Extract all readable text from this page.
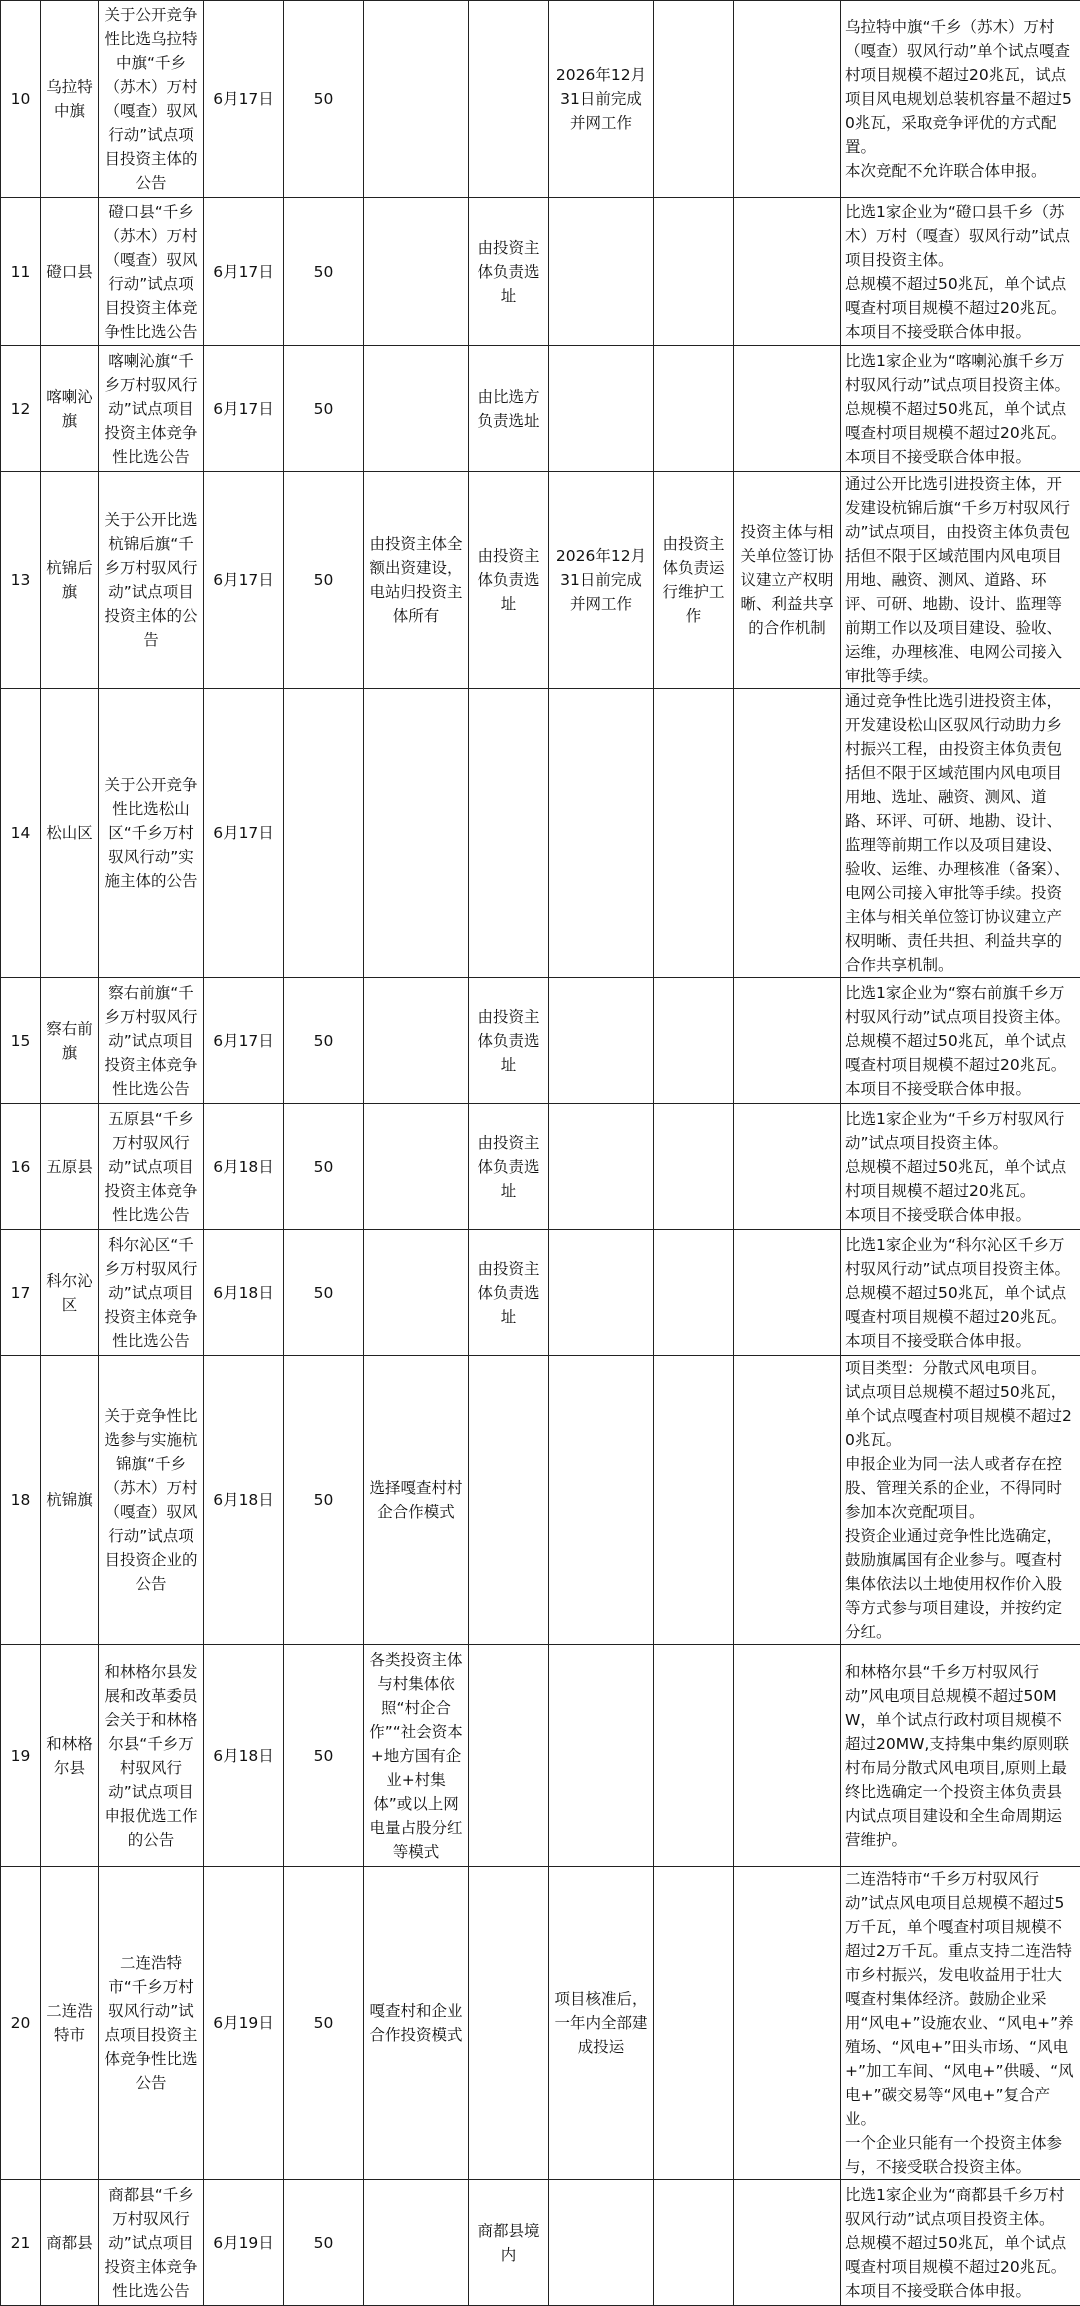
10	乌拉特中旗	关于公开竞争性比选乌拉特中旗“千乡（苏木）万村（嘎查）驭风行动”试点项目投资主体的公告	6月17日	50			2026年12月31日前完成并网工作			乌拉特中旗“千乡（苏木）万村（嘎查）驭风行动”单个试点嘎查村项目规模不超过20兆瓦，试点项目风电规划总装机容量不超过50兆瓦，采取竞争评优的方式配置。
本次竞配不允许联合体申报。

11	磴口县	磴口县“千乡（苏木）万村（嘎查）驭风行动”试点项目投资主体竞争性比选公告	6月17日	50		由投资主体负责选址				比选1家企业为“磴口县千乡（苏木）万村（嘎查）驭风行动”试点项目投资主体。
总规模不超过50兆瓦，单个试点嘎查村项目规模不超过20兆瓦。
本项目不接受联合体申报。

12	喀喇沁旗	喀喇沁旗“千乡万村驭风行动”试点项目投资主体竞争性比选公告	6月17日	50		由比选方负责选址				比选1家企业为“喀喇沁旗千乡万村驭风行动”试点项目投资主体。
总规模不超过50兆瓦，单个试点嘎查村项目规模不超过20兆瓦。
本项目不接受联合体申报。

13	杭锦后旗	关于公开比选杭锦后旗“千乡万村驭风行动”试点项目投资主体的公告	6月17日	50	由投资主体全额出资建设，电站归投资主体所有	由投资主体负责选址	2026年12月31日前完成并网工作	由投资主体负责运行维护工作	投资主体与相关单位签订协议建立产权明晰、利益共享的合作机制	通过公开比选引进投资主体，开发建设杭锦后旗“千乡万村驭风行动”试点项目，由投资主体负责包括但不限于区域范围内风电项目用地、融资、测风、道路、环评、可研、地勘、设计、监理等前期工作以及项目建设、验收、运维，办理核准、电网公司接入审批等手续。

14	松山区	关于公开竞争性比选松山区“千乡万村驭风行动”实施主体的公告	6月17日							通过竞争性比选引进投资主体，开发建设松山区驭风行动助力乡村振兴工程，由投资主体负责包括但不限于区域范围内风电项目用地、选址、融资、测风、道路、环评、可研、地勘、设计、监理等前期工作以及项目建设、验收、运维、办理核准（备案）、电网公司接入审批等手续。投资主体与相关单位签订协议建立产权明晰、责任共担、利益共享的合作共享机制。

15	察右前旗	察右前旗“千乡万村驭风行动”试点项目投资主体竞争性比选公告	6月17日	50		由投资主体负责选址				比选1家企业为“察右前旗千乡万村驭风行动”试点项目投资主体。
总规模不超过50兆瓦，单个试点嘎查村项目规模不超过20兆瓦。
本项目不接受联合体申报。

16	五原县	五原县“千乡万村驭风行动”试点项目投资主体竞争性比选公告	6月18日	50		由投资主体负责选址				比选1家企业为“千乡万村驭风行动”试点项目投资主体。
总规模不超过50兆瓦，单个试点村项目规模不超过20兆瓦。
本项目不接受联合体申报。

17	科尔沁区	科尔沁区“千乡万村驭风行动”试点项目投资主体竞争性比选公告	6月18日	50		由投资主体负责选址				比选1家企业为“科尔沁区千乡万村驭风行动”试点项目投资主体。
总规模不超过50兆瓦，单个试点嘎查村项目规模不超过20兆瓦。
本项目不接受联合体申报。

18	杭锦旗	关于竞争性比选参与实施杭锦旗“千乡（苏木）万村（嘎查）驭风行动”试点项目投资企业的公告	6月18日	50	选择嘎查村村企合作模式					项目类型：分散式风电项目。
试点项目总规模不超过50兆瓦，单个试点嘎查村项目规模不超过20兆瓦。
申报企业为同一法人或者存在控股、管理关系的企业，不得同时参加本次竞配项目。
投资企业通过竞争性比选确定，鼓励旗属国有企业参与。嘎查村集体依法以土地使用权作价入股等方式参与项目建设，并按约定分红。

19	和林格尔县	和林格尔县发展和改革委员会关于和林格尔县“千乡万村驭风行动”试点项目申报优选工作的公告	6月18日	50	各类投资主体与村集体依照“村企合作”“社会资本+地方国有企业+村集体”或以上网电量占股分红等模式					和林格尔县“千乡万村驭风行动”风电项目总规模不超过50MW，单个试点行政村项目规模不超过20MW,支持集中集约原则联村布局分散式风电项目,原则上最终比选确定一个投资主体负责县内试点项目建设和全生命周期运营维护。

20	二连浩特市	二连浩特市“千乡万村驭风行动”试点项目投资主体竞争性比选公告	6月19日	50	嘎查村和企业合作投资模式		项目核准后，一年内全部建成投运			二连浩特市“千乡万村驭风行动”试点风电项目总规模不超过5万千瓦，单个嘎查村项目规模不超过2万千瓦。重点支持二连浩特市乡村振兴，发电收益用于壮大嘎查村集体经济。鼓励企业采用“风电+”设施农业、“风电+”养殖场、“风电+”田头市场、“风电+”加工车间、“风电+”供暖、“风电+”碳交易等“风电+”复合产业。
一个企业只能有一个投资主体参与，不接受联合投资主体。

21	商都县	商都县“千乡万村驭风行动”试点项目投资主体竞争性比选公告	6月19日	50		商都县境内				比选1家企业为“商都县千乡万村驭风行动”试点项目投资主体。
总规模不超过50兆瓦，单个试点嘎查村项目规模不超过20兆瓦。
本项目不接受联合体申报。
